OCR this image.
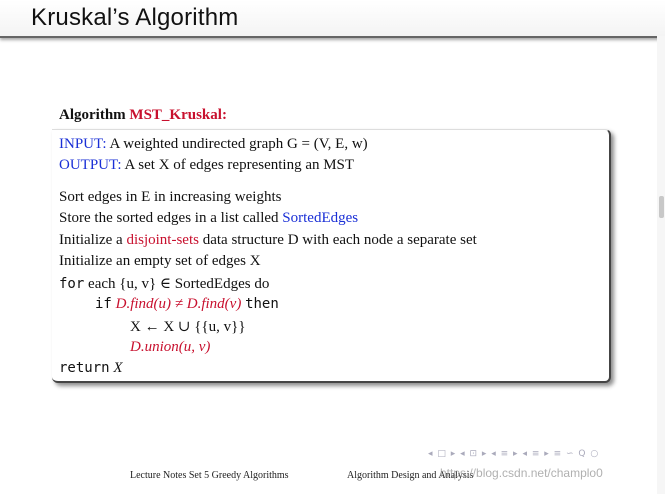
Kruskal’s Algorithm
Algorithm MST_Kruskal:
INPUT: A weighted undirected graph G = (V, E, w)
OUTPUT: A set X of edges representing an MST
Sort edges in E in increasing weights
Store the sorted edges in a list called SortedEdges
Initialize a disjoint-sets data structure D with each node a separate set
Initialize an empty set of edges X
for each {u, v} ∈ SortedEdges do
if D.find(u) ≠ D.find(v) then
X ← X ∪ {{u, v}}
D.union(u, v)
return X
◂ □ ▸ ◂ ⊡ ▸ ◂ ≡ ▸ ◂ ≡ ▸ ≡ ∽ Q ○
Lecture Notes Set 5 Greedy Algorithms	Algorithm Design and Analysis
https://blog.csdn.net/champlo0
